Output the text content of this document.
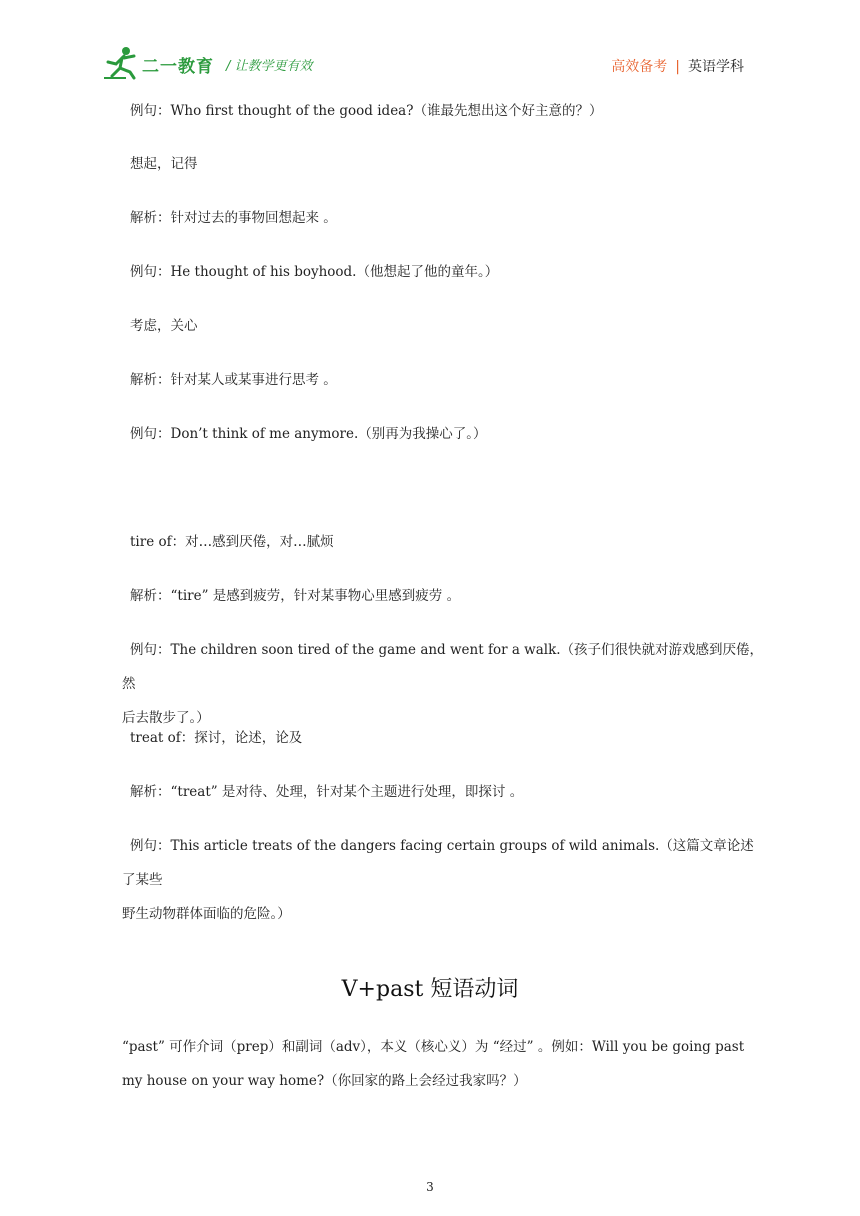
二一教育 / 让教学更有效	高效备考 | 英语学科
例句：Who first thought of the good idea?（谁最先想出这个好主意的？）
想起，记得
解析：针对过去的事物回想起来 。
例句：He thought of his boyhood.（他想起了他的童年。）
考虑，关心
解析：针对某人或某事进行思考 。
例句：Don’t think of me anymore.（别再为我操心了。）
tire of：对…感到厌倦，对…腻烦
解析：“tire” 是感到疲劳，针对某事物心里感到疲劳 。
例句：The children soon tired of the game and went for a walk.（孩子们很快就对游戏感到厌倦，然
后去散步了。）
treat of：探讨，论述，论及
解析：“treat” 是对待、处理，针对某个主题进行处理，即探讨 。
例句：This article treats of the dangers facing certain groups of wild animals.（这篇文章论述了某些
野生动物群体面临的危险。）
V+past 短语动词
“past” 可作介词（prep）和副词（adv），本义（核心义）为 “经过” 。例如：Will you be going past
my house on your way home?（你回家的路上会经过我家吗？）
3
